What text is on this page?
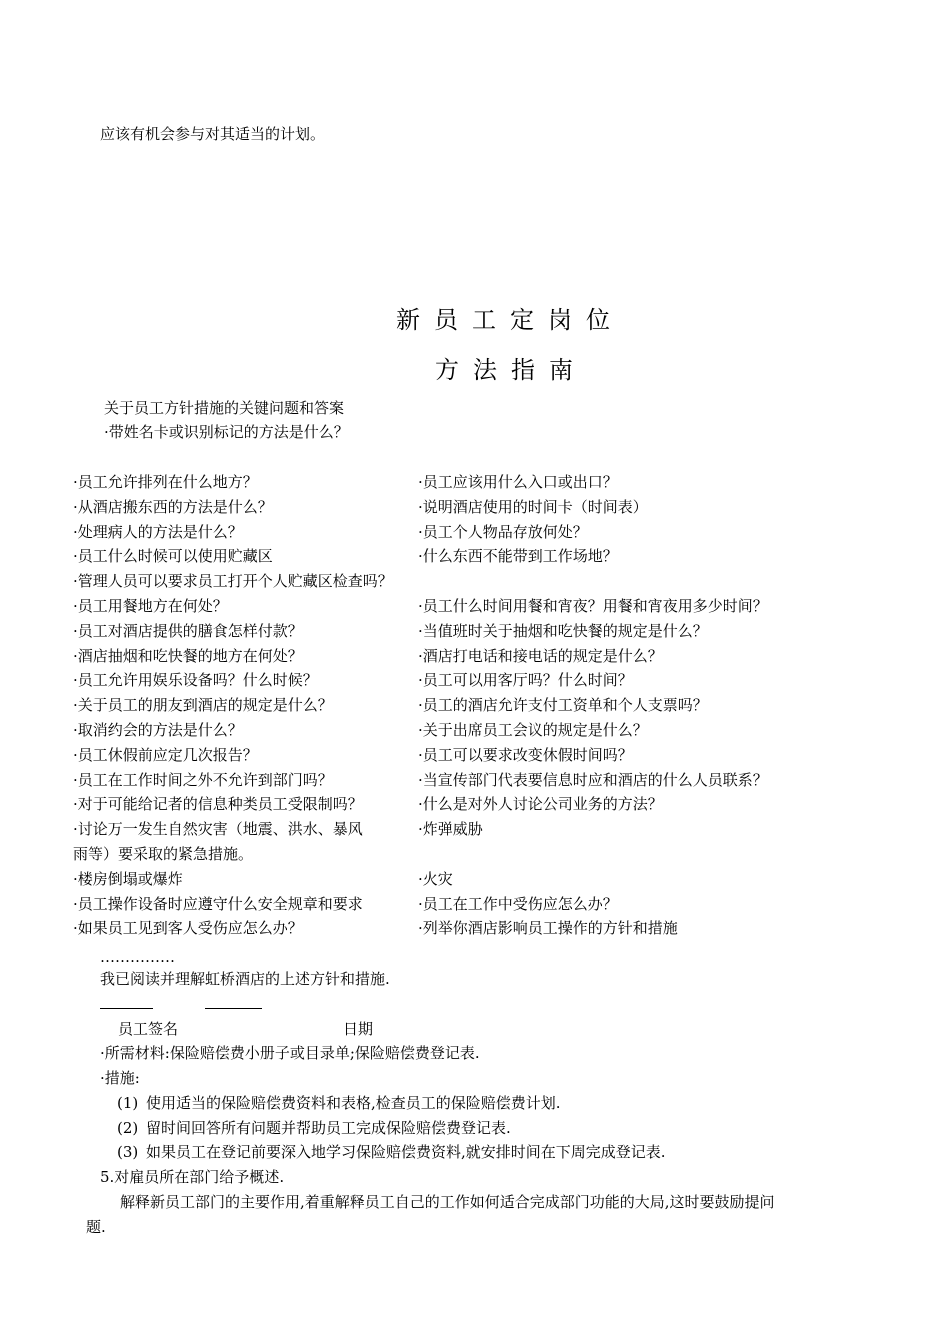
应该有机会参与对其适当的计划。
新员工定岗位
方法指南
关于员工方针措施的关键问题和答案
·带姓名卡或识别标记的方法是什么？
·员工允许排列在什么地方？	·员工应该用什么入口或出口？
·从酒店搬东西的方法是什么？	·说明酒店使用的时间卡（时间表）
·处理病人的方法是什么？	·员工个人物品存放何处？
·员工什么时候可以使用贮藏区	·什么东西不能带到工作场地？
·管理人员可以要求员工打开个人贮藏区检查吗？
·员工用餐地方在何处？	·员工什么时间用餐和宵夜？用餐和宵夜用多少时间？
·员工对酒店提供的膳食怎样付款？	·当值班时关于抽烟和吃快餐的规定是什么？
·酒店抽烟和吃快餐的地方在何处？	·酒店打电话和接电话的规定是什么？
·员工允许用娱乐设备吗？什么时候？	·员工可以用客厅吗？什么时间？
·关于员工的朋友到酒店的规定是什么？	·员工的酒店允许支付工资单和个人支票吗？
·取消约会的方法是什么？	·关于出席员工会议的规定是什么？
·员工休假前应定几次报告？	·员工可以要求改变休假时间吗？
·员工在工作时间之外不允许到部门吗？	·当宣传部门代表要信息时应和酒店的什么人员联系？
·对于可能给记者的信息种类员工受限制吗？	·什么是对外人讨论公司业务的方法？
·讨论万一发生自然灾害（地震、洪水、暴风	·炸弹威胁
雨等）要采取的紧急措施。
·楼房倒塌或爆炸	·火灾
·员工操作设备时应遵守什么安全规章和要求	·员工在工作中受伤应怎么办？
·如果员工见到客人受伤应怎么办？	·列举你酒店影响员工操作的方针和措施
……………
我已阅读并理解虹桥酒店的上述方针和措施.
员工签名	日期
·所需材料:保险赔偿费小册子或目录单;保险赔偿费登记表.
·措施:
(1) 使用适当的保险赔偿费资料和表格,检查员工的保险赔偿费计划.
(2) 留时间回答所有问题并帮助员工完成保险赔偿费登记表.
(3) 如果员工在登记前要深入地学习保险赔偿费资料,就安排时间在下周完成登记表.
5.对雇员所在部门给予概述.
解释新员工部门的主要作用,着重解释员工自己的工作如何适合完成部门功能的大局,这时要鼓励提问
题.
